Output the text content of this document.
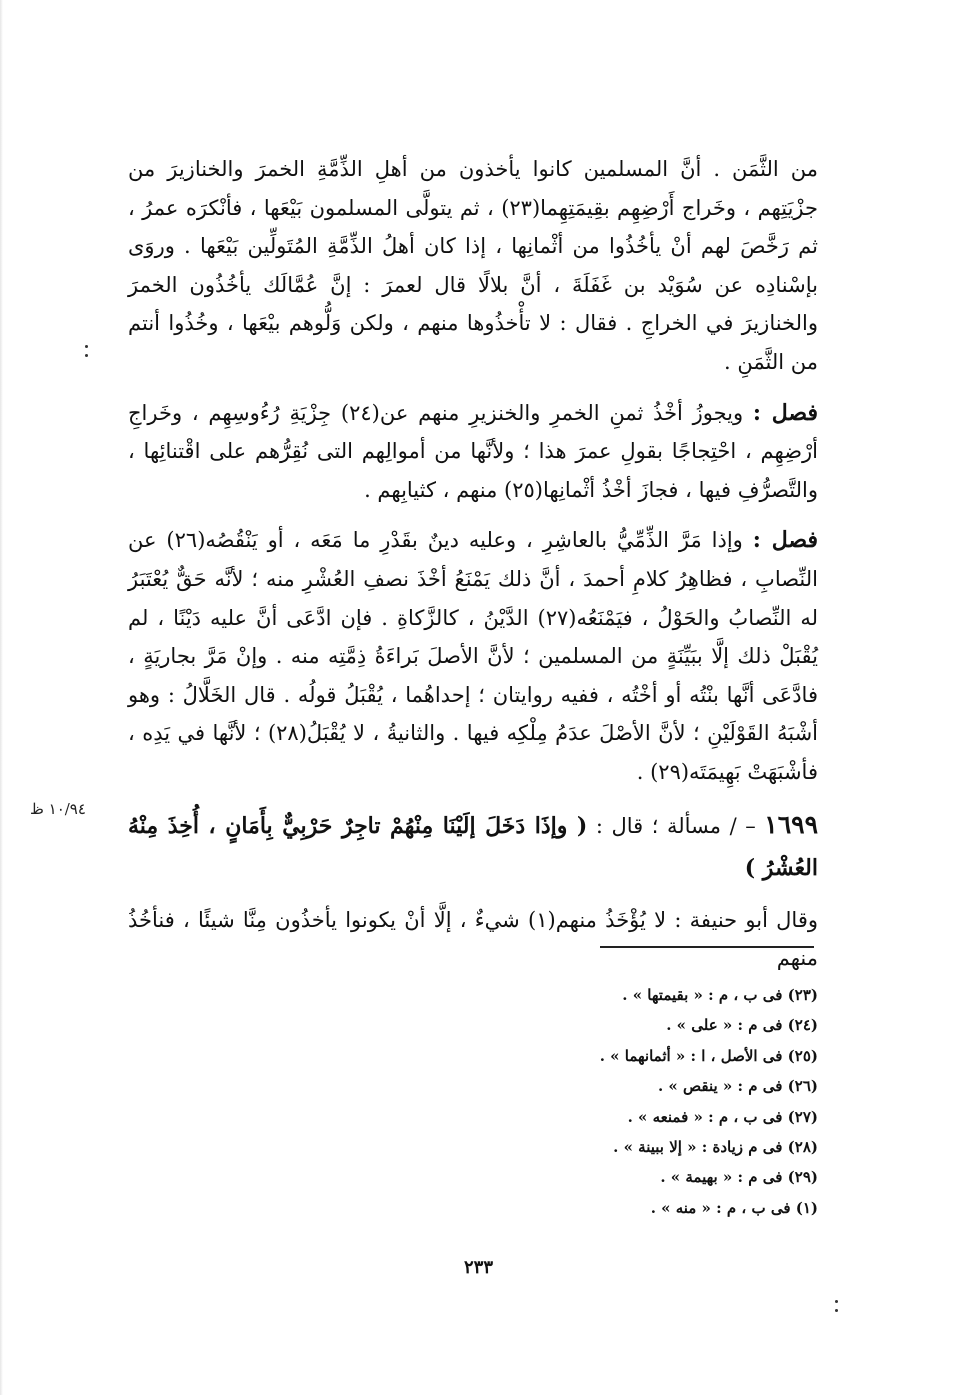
من الثَّمَن . أنَّ المسلمين كانوا يأخذون من أهلِ الذِّمَّةِ الخمرَ والخنازيرَ من جزْيَتِهم ، وخَراج أَرْضِهِم بقِيمَتِهِما(٢٣) ، ثم يتولَّى المسلمون بَيْعَها ، فأنْكرَه عمرُ ، ثم رَخَّصَ لهم أنْ يأخُذُوا من أثْمانِها ، إذا كان أهلُ الذِّمَّةِ المُتَولِّين بَيْعَها . وروَى بإسْنادِه عن سُوَيْد بن غَفَلَةَ ، أنَّ بلالًا قال لعمرَ : إنَّ عُمَّالَك يأخُذُون الخمرَ والخنازيرَ في الخراجِ . فقال : لا تأْخذُوها منهم ، ولكن وَلُّوهم بيْعَها ، وخُذُوا أنتم من الثَّمَنِ .

فصل : ويجوزُ أخْذُ ثمنِ الخمرِ والخنزيرِ منهم عن(٢٤) جِزْيَةِ رُءُوسِهِم ، وخَراجِ أرْضِهِم ، احْتِجاجًا بقولِ عمرَ هذا ؛ ولأنَّها من أموالِهم التى نُقِرُّهم على اقْتنائِها ، والتَّصرُّفِ فيها ، فجازَ أخْذُ أثْمانِها(٢٥) منهم ، كثيابِهم .

فصل : وإذا مَرَّ الذِّمِّيُّ بالعاشِرِ ، وعليه دينٌ بقَدْرِ ما مَعَه ، أو يَنْقُصُه(٢٦) عن النِّصابِ ، فظاهِرُ كلامِ أحمدَ ، أنَّ ذلك يَمْنَعُ أخْذَ نصفِ العُشْرِ منه ؛ لأنَّه حَقٌّ يُعْتَبَرُ له النِّصابُ والحَوْلُ ، فيَمْنَعُه(٢٧) الدَّيْنُ ، كالزَّكاةِ . فإن ادَّعَى أنَّ عليه دَيْنًا ، لم يُقْبَلْ ذلك إلَّا ببَيِّنَةٍ من المسلمين ؛ لأنَّ الأصلَ بَراءَةُ ذِمَّتِه منه . وإنْ مَرَّ بجاريَةٍ ، فادَّعَى أنَّها بنْتُه أو أخْتُه ، ففيه روايتان ؛ إحداهُما ، يُقْبَلُ قولُه . قال الخَلَّالُ : وهو أشْبَهُ القَوْلَيْنِ ؛ لأنَّ الأصْلَ عدَمُ مِلْكِه فيها . والثانيةُ ، لا يُقْبَلُ(٢٨) ؛ لأنَّها في يَدِه ، فأشْبَهَتْ بَهِيمَتَه(٢٩) .

١٦٩٩ – / مسألة ؛ قال : ( وإذَا دَخَلَ إلَيْنَا مِنْهُمْ تاجِرٌ حَرْبِيٌّ بِأَمَانٍ ، أُخِذَ مِنْهُ العُشْرُ )

وقال أبو حنيفة : لا يُؤْخَذُ منهم(١) شيءٌ ، إلَّا أنْ يكونوا يأخذُون مِنَّا شيئًا ، فنأخُذُ منهم

١٠/٩٤ ظ
(٢٣) فى ب ، م : « بقيمتها » .
(٢٤) فى م : « على » .
(٢٥) فى الأصل ، ا : « أثمانهما » .
(٢٦) فى م : « ينقص » .
(٢٧) فى ب ، م : « فمنعه » .
(٢٨) فى م زيادة : « إلا ببينة » .
(٢٩) فى م : « بهيمة » .
(١) فى ب ، م : « منه » .
٢٣٣
